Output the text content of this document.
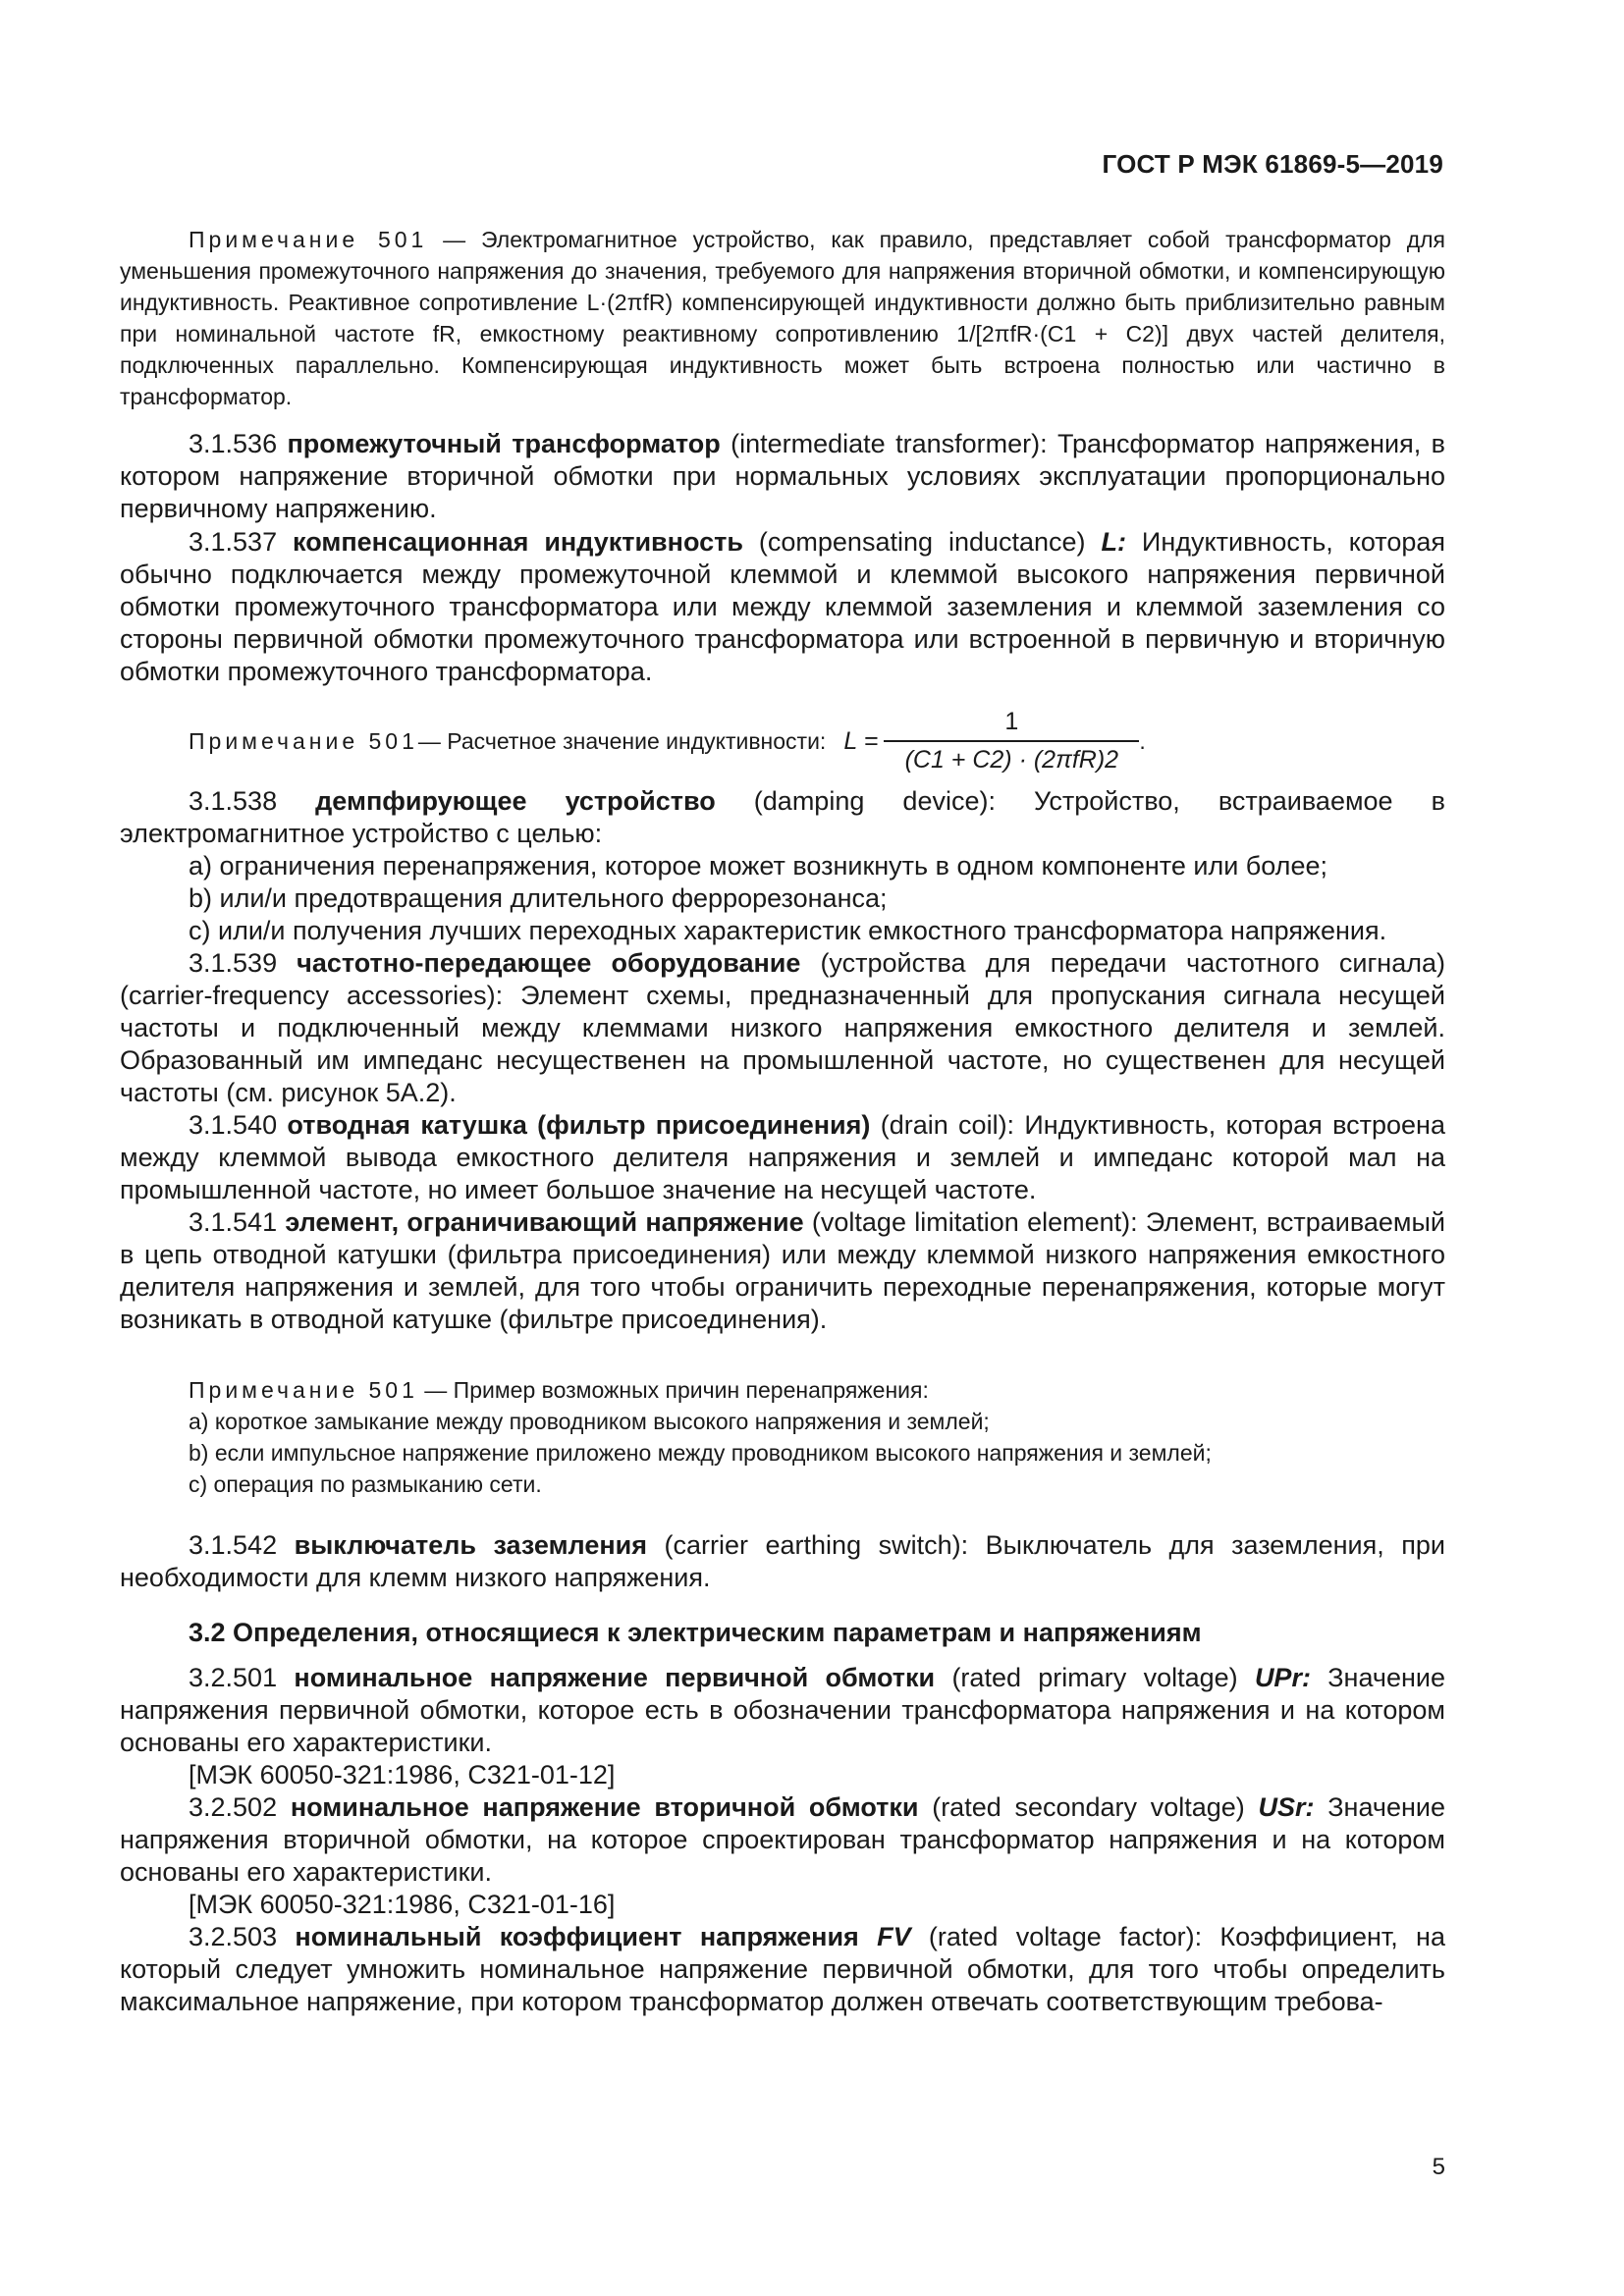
ГОСТ Р МЭК 61869-5—2019
Примечание 501 — Электромагнитное устройство, как правило, представляет собой трансформатор для уменьшения промежуточного напряжения до значения, требуемого для напряжения вторичной обмотки, и компенсирующую индуктивность. Реактивное сопротивление L·(2πfR) компенсирующей индуктивности должно быть приблизительно равным при номинальной частоте fR, емкостному реактивному сопротивлению 1/[2πfR·(C1 + C2)] двух частей делителя, подключенных параллельно. Компенсирующая индуктивность может быть встроена полностью или частично в трансформатор.
3.1.536 промежуточный трансформатор (intermediate transformer): Трансформатор напряжения, в котором напряжение вторичной обмотки при нормальных условиях эксплуатации пропорционально первичному напряжению.
3.1.537 компенсационная индуктивность (compensating inductance) L: Индуктивность, которая обычно подключается между промежуточной клеммой и клеммой высокого напряжения первичной обмотки промежуточного трансформатора или между клеммой заземления и клеммой заземления со стороны первичной обмотки промежуточного трансформатора или встроенной в первичную и вторичную обмотки промежуточного трансформатора.
Примечание 501 — Расчетное значение индуктивности: $L = \frac{1}{\text{(C1 + C2) · (2πfR)2}}$ .
3.1.538 демпфирующее устройство (damping device): Устройство, встраиваемое в электромагнитное устройство с целью:
a) ограничения перенапряжения, которое может возникнуть в одном компоненте или более;
b) или/и предотвращения длительного феррорезонанса;
c) или/и получения лучших переходных характеристик емкостного трансформатора напряжения.
3.1.539 частотно-передающее оборудование (устройства для передачи частотного сигнала) (carrier-frequency accessories): Элемент схемы, предназначенный для пропускания сигнала несущей частоты и подключенный между клеммами низкого напряжения емкостного делителя и землей. Образованный им импеданс несущественен на промышленной частоте, но существенен для несущей частоты (см. рисунок 5А.2).
3.1.540 отводная катушка (фильтр присоединения) (drain coil): Индуктивность, которая встроена между клеммой вывода емкостного делителя напряжения и землей и импеданс которой мал на промышленной частоте, но имеет большое значение на несущей частоте.
3.1.541 элемент, ограничивающий напряжение (voltage limitation element): Элемент, встраиваемый в цепь отводной катушки (фильтра присоединения) или между клеммой низкого напряжения емкостного делителя напряжения и землей, для того чтобы ограничить переходные перенапряжения, которые могут возникать в отводной катушке (фильтре присоединения).
Примечание 501 — Пример возможных причин перенапряжения:
a) короткое замыкание между проводником высокого напряжения и землей;
b) если импульсное напряжение приложено между проводником высокого напряжения и землей;
c) операция по размыканию сети.
3.1.542 выключатель заземления (carrier earthing switch): Выключатель для заземления, при необходимости для клемм низкого напряжения.
3.2 Определения, относящиеся к электрическим параметрам и напряжениям
3.2.501 номинальное напряжение первичной обмотки (rated primary voltage) UPr: Значение напряжения первичной обмотки, которое есть в обозначении трансформатора напряжения и на котором основаны его характеристики.
[МЭК 60050-321:1986, С321-01-12]
3.2.502 номинальное напряжение вторичной обмотки (rated secondary voltage) USr: Значение напряжения вторичной обмотки, на которое спроектирован трансформатор напряжения и на котором основаны его характеристики.
[МЭК 60050-321:1986, С321-01-16]
3.2.503 номинальный коэффициент напряжения FV (rated voltage factor): Коэффициент, на который следует умножить номинальное напряжение первичной обмотки, для того чтобы определить максимальное напряжение, при котором трансформатор должен отвечать соответствующим требова-
5
